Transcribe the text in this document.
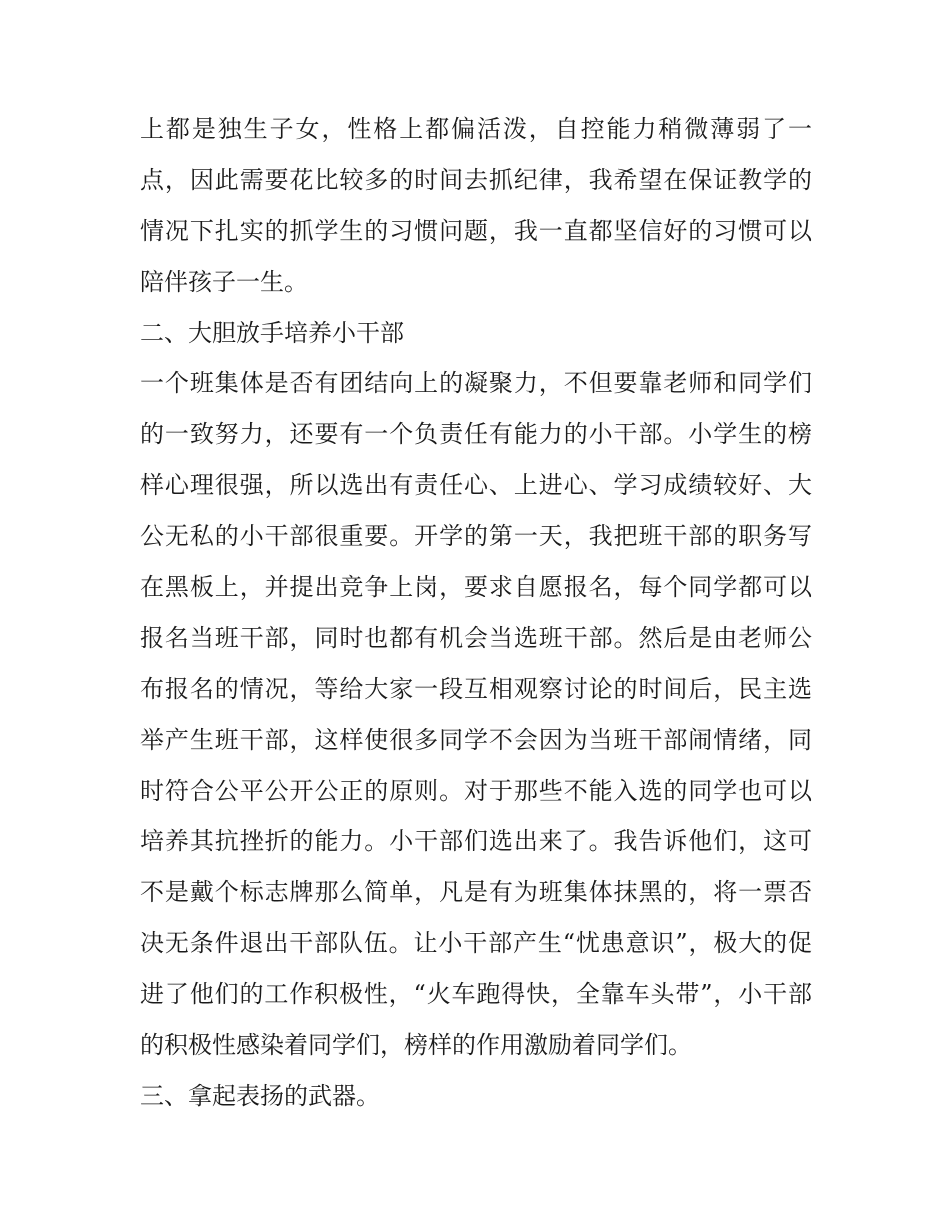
上都是独生子女，性格上都偏活泼，自控能力稍微薄弱了一
点，因此需要花比较多的时间去抓纪律，我希望在保证教学的
情况下扎实的抓学生的习惯问题，我一直都坚信好的习惯可以
陪伴孩子一生。
二、大胆放手培养小干部
一个班集体是否有团结向上的凝聚力，不但要靠老师和同学们
的一致努力，还要有一个负责任有能力的小干部。小学生的榜
样心理很强，所以选出有责任心、上进心、学习成绩较好、大
公无私的小干部很重要。开学的第一天，我把班干部的职务写
在黑板上，并提出竞争上岗，要求自愿报名，每个同学都可以
报名当班干部，同时也都有机会当选班干部。然后是由老师公
布报名的情况，等给大家一段互相观察讨论的时间后，民主选
举产生班干部，这样使很多同学不会因为当班干部闹情绪，同
时符合公平公开公正的原则。对于那些不能入选的同学也可以
培养其抗挫折的能力。小干部们选出来了。我告诉他们，这可
不是戴个标志牌那么简单，凡是有为班集体抹黑的，将一票否
决无条件退出干部队伍。让小干部产生“忧患意识”，极大的促
进了他们的工作积极性，“火车跑得快，全靠车头带”，小干部
的积极性感染着同学们，榜样的作用激励着同学们。
三、拿起表扬的武器。
